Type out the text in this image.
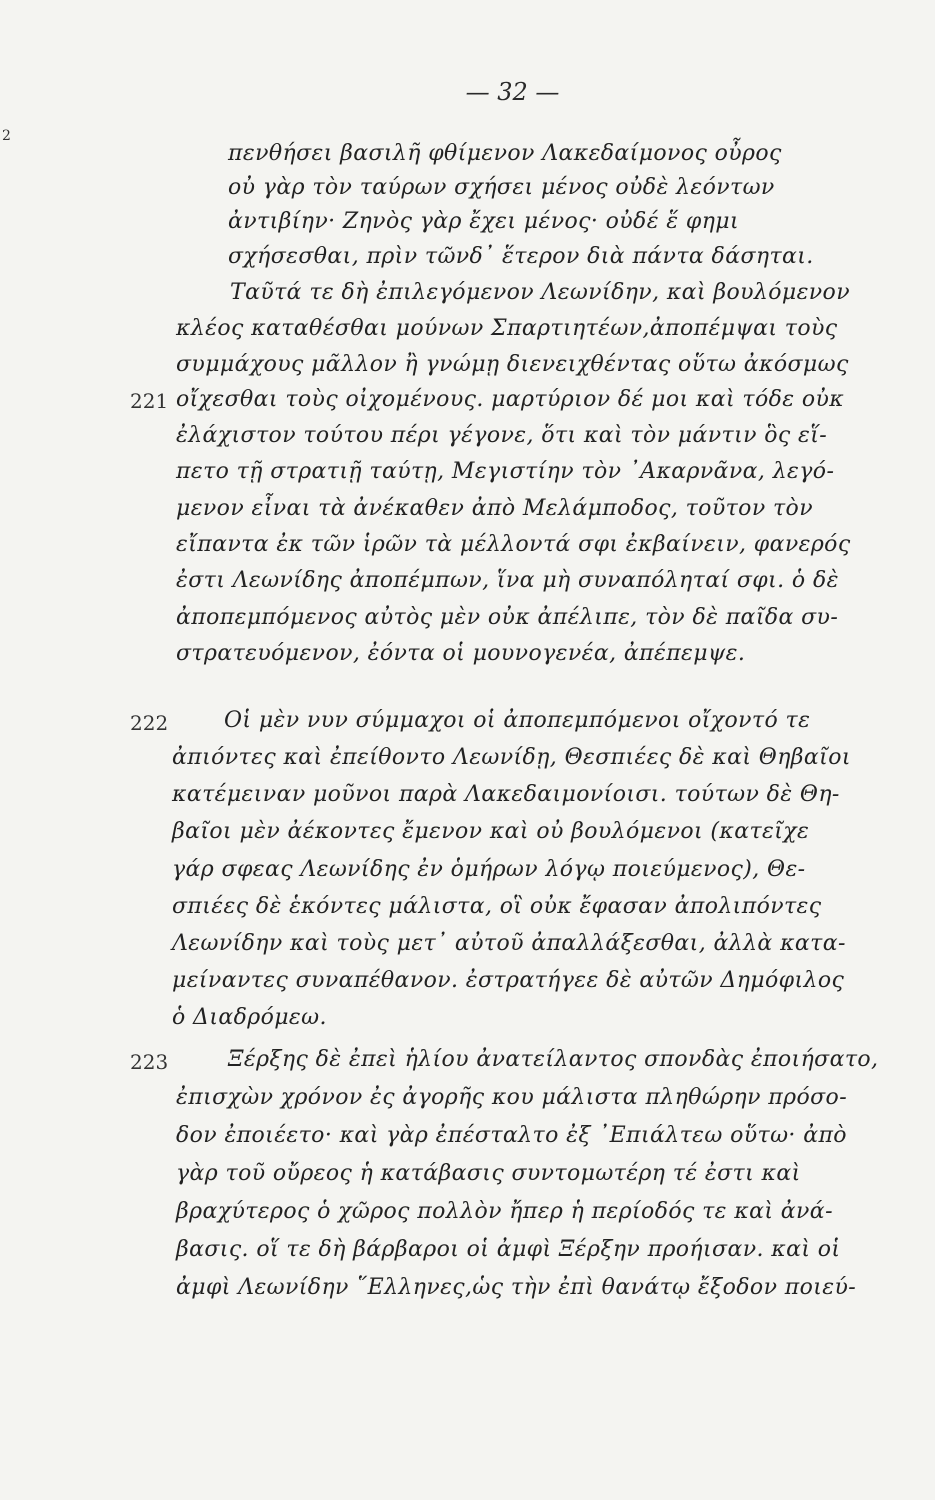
2
— 32 —
221
222
223
πενθήσει βασιλῆ φθίμενον Λακεδαίμονος οὖρος
οὐ γὰρ τὸν ταύρων σχήσει μένος οὐδὲ λεόντων
ἀντιβίην· Ζηνὸς γὰρ ἔχει μένος· οὐδέ ἕ φημι
σχήσεσθαι, πρὶν τῶνδ᾽ ἕτερον διὰ πάντα δάσηται.
Ταῦτά τε δὴ ἐπιλεγόμενον Λεωνίδην, καὶ βουλόμενον
κλέος καταθέσθαι μούνων Σπαρτιητέων,ἀποπέμψαι τοὺς
συμμάχους μᾶλλον ἢ γνώμῃ διενειχθέντας οὕτω ἀκόσμως
οἴχεσθαι τοὺς οἰχομένους. μαρτύριον δέ μοι καὶ τόδε οὐκ
ἐλάχιστον τούτου πέρι γέγονε, ὅτι καὶ τὸν μάντιν ὃς εἵ-
πετο τῇ στρατιῇ ταύτῃ, Μεγιστίην τὸν ᾽Ακαρνᾶνα, λεγό-
μενον εἶναι τὰ ἀνέκαθεν ἀπὸ Μελάμποδος, τοῦτον τὸν
εἴπαντα ἐκ τῶν ἱρῶν τὰ μέλλοντά σφι ἐκβαίνειν, φανερός
ἐστι Λεωνίδης ἀποπέμπων, ἵνα μὴ συναπόληταί σφι. ὁ δὲ
ἀποπεμπόμενος αὐτὸς μὲν οὐκ ἀπέλιπε, τὸν δὲ παῖδα συ-
στρατευόμενον, ἐόντα οἱ μουνογενέα, ἀπέπεμψε.
Οἱ μὲν νυν σύμμαχοι οἱ ἀποπεμπόμενοι οἴχοντό τε
ἀπιόντες καὶ ἐπείθοντο Λεωνίδῃ, Θεσπιέες δὲ καὶ Θηβαῖοι
κατέμειναν μοῦνοι παρὰ Λακεδαιμονίοισι. τούτων δὲ Θη-
βαῖοι μὲν ἀέκοντες ἔμενον καὶ οὐ βουλόμενοι (κατεῖχε
γάρ σφεας Λεωνίδης ἐν ὁμήρων λόγῳ ποιεύμενος), Θε-
σπιέες δὲ ἑκόντες μάλιστα, οἳ οὐκ ἔφασαν ἀπολιπόντες
Λεωνίδην καὶ τοὺς μετ᾽ αὐτοῦ ἀπαλλάξεσθαι, ἀλλὰ κατα-
μείναντες συναπέθανον. ἐστρατήγεε δὲ αὐτῶν Δημόφιλος
ὁ Διαδρόμεω.
Ξέρξης δὲ ἐπεὶ ἡλίου ἀνατείλαντος σπονδὰς ἐποιήσατο,
ἐπισχὼν χρόνον ἐς ἀγορῆς κου μάλιστα πληθώρην πρόσο-
δον ἐποιέετο· καὶ γὰρ ἐπέσταλτο ἐξ ᾽Επιάλτεω οὕτω· ἀπὸ
γὰρ τοῦ οὔρεος ἡ κατάβασις συντομωτέρη τέ ἐστι καὶ
βραχύτερος ὁ χῶρος πολλὸν ἤπερ ἡ περίοδός τε καὶ ἀνά-
βασις. οἵ τε δὴ βάρβαροι οἱ ἀμφὶ Ξέρξην προήισαν. καὶ οἱ
ἀμφὶ Λεωνίδην ῞Ελληνες,ὡς τὴν ἐπὶ θανάτῳ ἔξοδον ποιεύ-
